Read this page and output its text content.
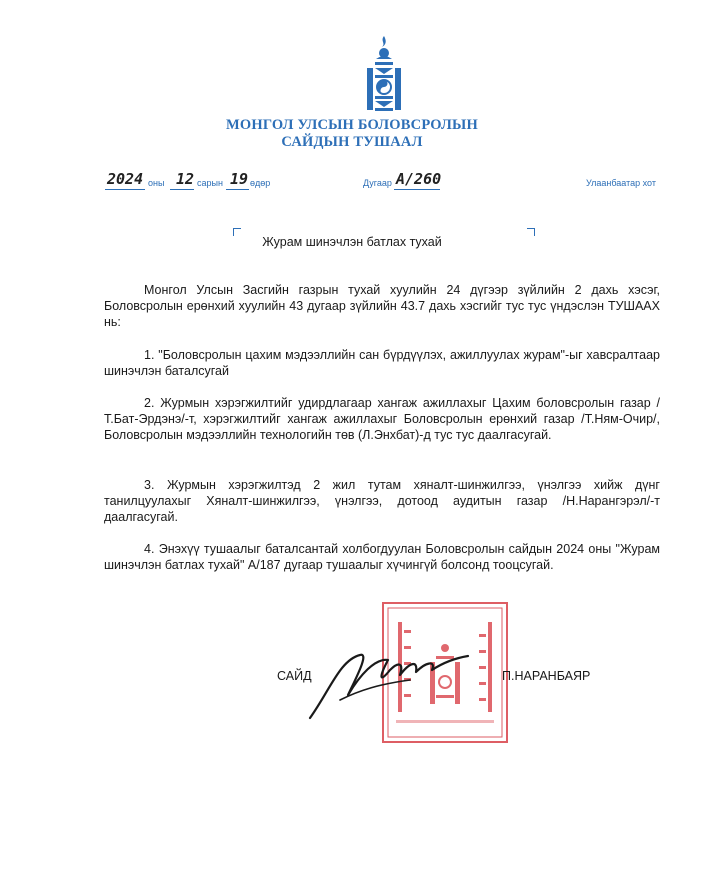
МОНГОЛ УЛСЫН БОЛОВСРОЛЫН
САЙДЫН ТУШААЛ
2024 оны 12 сарын 19 өдөр	Дугаар A/260	Улаанбаатар хот
Журам шинэчлэн батлах тухай
Монгол Улсын Засгийн газрын тухай хуулийн 24 дүгээр зүйлийн 2 дахь хэсэг, Боловсролын ерөнхий хуулийн 43 дугаар зүйлийн 43.7 дахь хэсгийг тус тус үндэслэн ТУШААХ нь:
1. "Боловсролын цахим мэдээллийн сан бүрдүүлэх, ажиллуулах журам"-ыг хавсралтаар шинэчлэн баталсугай
2. Журмын хэрэгжилтийг удирдлагаар хангаж ажиллахыг Цахим боловсролын газар /Т.Бат-Эрдэнэ/-т, хэрэгжилтийг хангаж ажиллахыг Боловсролын ерөнхий газар /Т.Ням-Очир/, Боловсролын мэдээллийн технологийн төв (Л.Энхбат)-д тус тус даалгасугай.
3. Журмын хэрэгжилтэд 2 жил тутам хяналт-шинжилгээ, үнэлгээ хийж дүнг танилцуулахыг Хяналт-шинжилгээ, үнэлгээ, дотоод аудитын газар /Н.Нарангэрэл/-т даалгасугай.
4. Энэхүү тушаалыг баталсантай холбогдуулан Боловсролын сайдын 2024 оны "Журам шинэчлэн батлах тухай" А/187 дугаар тушаалыг хүчингүй болсонд тооцсугай.
САЙД	П.НАРАНБАЯР
